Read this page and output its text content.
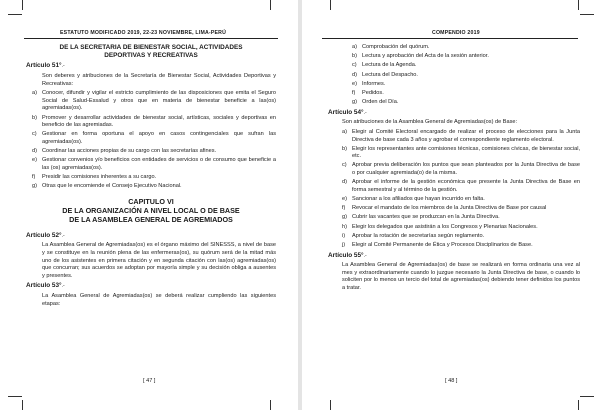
ESTATUTO MODIFICADO 2019, 22-23 NOVIEMBRE, LIMA-PERÚ
DE LA SECRETARIA DE BIENESTAR SOCIAL, ACTIVIDADES
DEPORTIVAS Y RECREATIVAS
Artículo 51°.-
Son deberes y atribuciones de la Secretaría de Bienestar Social, Actividades Deportivas y Recreativas:
a) Conocer, difundir y vigilar el estricto cumplimiento de las disposiciones que emita el Seguro Social de Salud-Essalud y otros que en materia de bienestar beneficie a las(os) agremiadas(os).
b) Promover y desarrollar actividades de bienestar social, artísticas, sociales y deportivas en beneficio de las agremiadas.
c) Gestionar en forma oportuna el apoyo en casos contingenciales que sufran las agremiadas(os).
d) Coordinar las acciones propias de su cargo con las secretarías afines.
e) Gestionar convenios y/o beneficios con entidades de servicios o de consumo que beneficie a las (os) agremiadas(os).
f)	Presidir las comisiones inherentes a su cargo.
g) Otras que le encomiende el Consejo Ejecutivo Nacional.
CAPITULO VI
DE LA ORGANIZACIÓN A NIVEL LOCAL O DE BASE
DE LA ASAMBLEA GENERAL DE AGREMIADOS
Artículo 52°.-
La Asamblea General de Agremiadas(os) es el órgano máximo del SINESSS, a nivel de base y se constituye en la reunión plena de las enfermeras(os), su quórum será de la mitad más uno de los asistentes en primera citación y en segunda citación con las(os) agremiadas(os) que concurran; sus acuerdos se adoptan por mayoría simple y su decisión obliga a ausentes y presentes.
Artículo 53°.-
La Asamblea General de Agremiadas(os) se deberá realizar cumpliendo las siguientes etapas:
[ 47 ]
COMPENDIO 2019
a) Comprobación del quórum.
b) Lectura y aprobación del Acta de la sesión anterior.
c) Lectura de la Agenda.
d) Lectura del Despacho.
e) Informes.
f)	Pedidos.
g) Orden del Día.
Artículo 54°.-
Son atribuciones de la Asamblea General de Agremiadas(os) de Base:
a) Elegir al Comité Electoral encargado de realizar el proceso de elecciones para la Junta Directiva de base cada 3 años y agrobar el correspondiente reglamento electoral.
b) Elegir los representantes ante comisiones técnicas, comisiones cívicas, de bienestar social, etc.
c) Aprobar previa deliberación los puntos que sean planteados por la Junta Directiva de base o por cualquier agremiada(o) de la misma.
d) Aprobar el informe de la gestión económica que presente la Junta Directiva de Base en forma semestral y al término de la gestión.
e) Sancionar a los afiliados que hayan incurrido en falta.
f)	Revocar el mandato de los miembros de la Junta Directiva de Base por causal
g) Cubrir las vacantes que se produzcan en la Junta Directiva.
h) Elegir los delegados que asistirán a los Congresos y Plenarias Nacionales.
i)	Aprobar la rotación de secretarías según reglamento.
j)	Elegir al Comité Permanente de Ética y Procesos Disciplinarios de Base.
Artículo 55°.-
La Asamblea General de Agremiadas(os) de base se realizará en forma ordinaria una vez al mes y extraordinariamente cuando lo juzgue necesario la Junta Directiva de base, o cuando lo soliciten por lo menos un tercio del total de agremiadas(os) debiendo tener definidos los puntos a tratar.
[ 48 ]
